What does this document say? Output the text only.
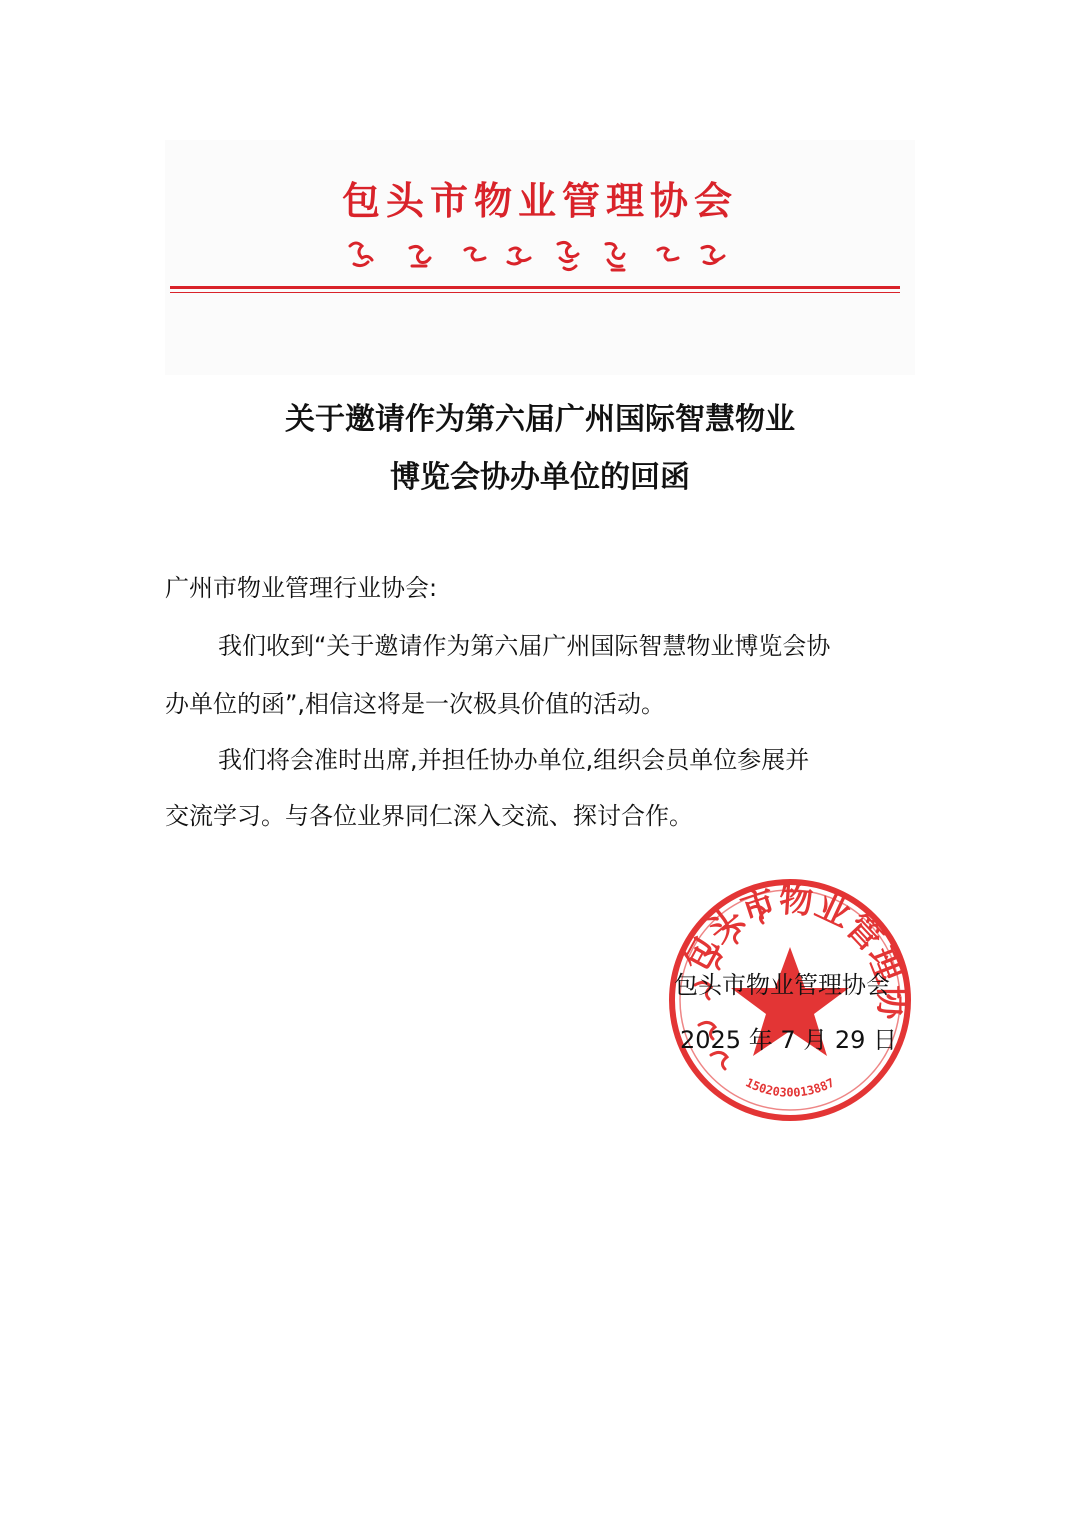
包头市物业管理协会
关于邀请作为第六届广州国际智慧物业
博览会协办单位的回函
广州市物业管理行业协会:
我们收到“关于邀请作为第六届广州国际智慧物业博览会协
办单位的函”,相信这将是一次极具价值的活动。
我们将会准时出席,并担任协办单位,组织会员单位参展并
交流学习。与各位业界同仁深入交流、探讨合作。
包头市物业管理协
1502030013887
包头市物业管理协会
2025 年 7 月 29 日
